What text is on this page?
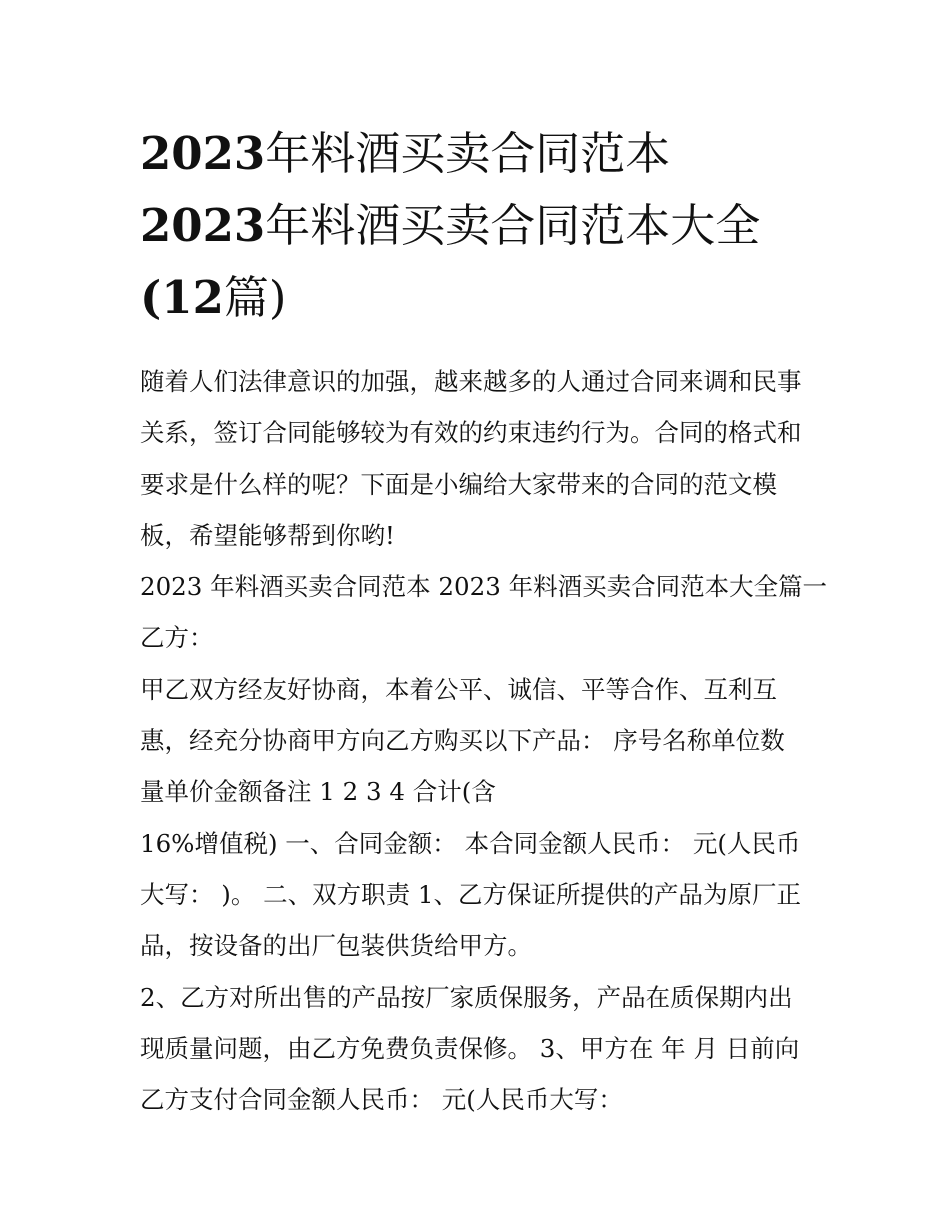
2023年料酒买卖合同范本
2023年料酒买卖合同范本大全
(12篇)
随着人们法律意识的加强，越来越多的人通过合同来调和民事
关系，签订合同能够较为有效的约束违约行为。合同的格式和
要求是什么样的呢？下面是小编给大家带来的合同的范文模
板，希望能够帮到你哟!
2023 年料酒买卖合同范本 2023 年料酒买卖合同范本大全篇一
乙方：
甲乙双方经友好协商，本着公平、诚信、平等合作、互利互
惠，经充分协商甲方向乙方购买以下产品： 序号名称单位数
量单价金额备注 1 2 3 4 合计(含
16%增值税) 一、合同金额： 本合同金额人民币： 元(人民币
大写： )。 二、双方职责 1、乙方保证所提供的产品为原厂正
品，按设备的出厂包装供货给甲方。
2、乙方对所出售的产品按厂家质保服务，产品在质保期内出
现质量问题，由乙方免费负责保修。 3、甲方在 年 月 日前向
乙方支付合同金额人民币： 元(人民币大写：
